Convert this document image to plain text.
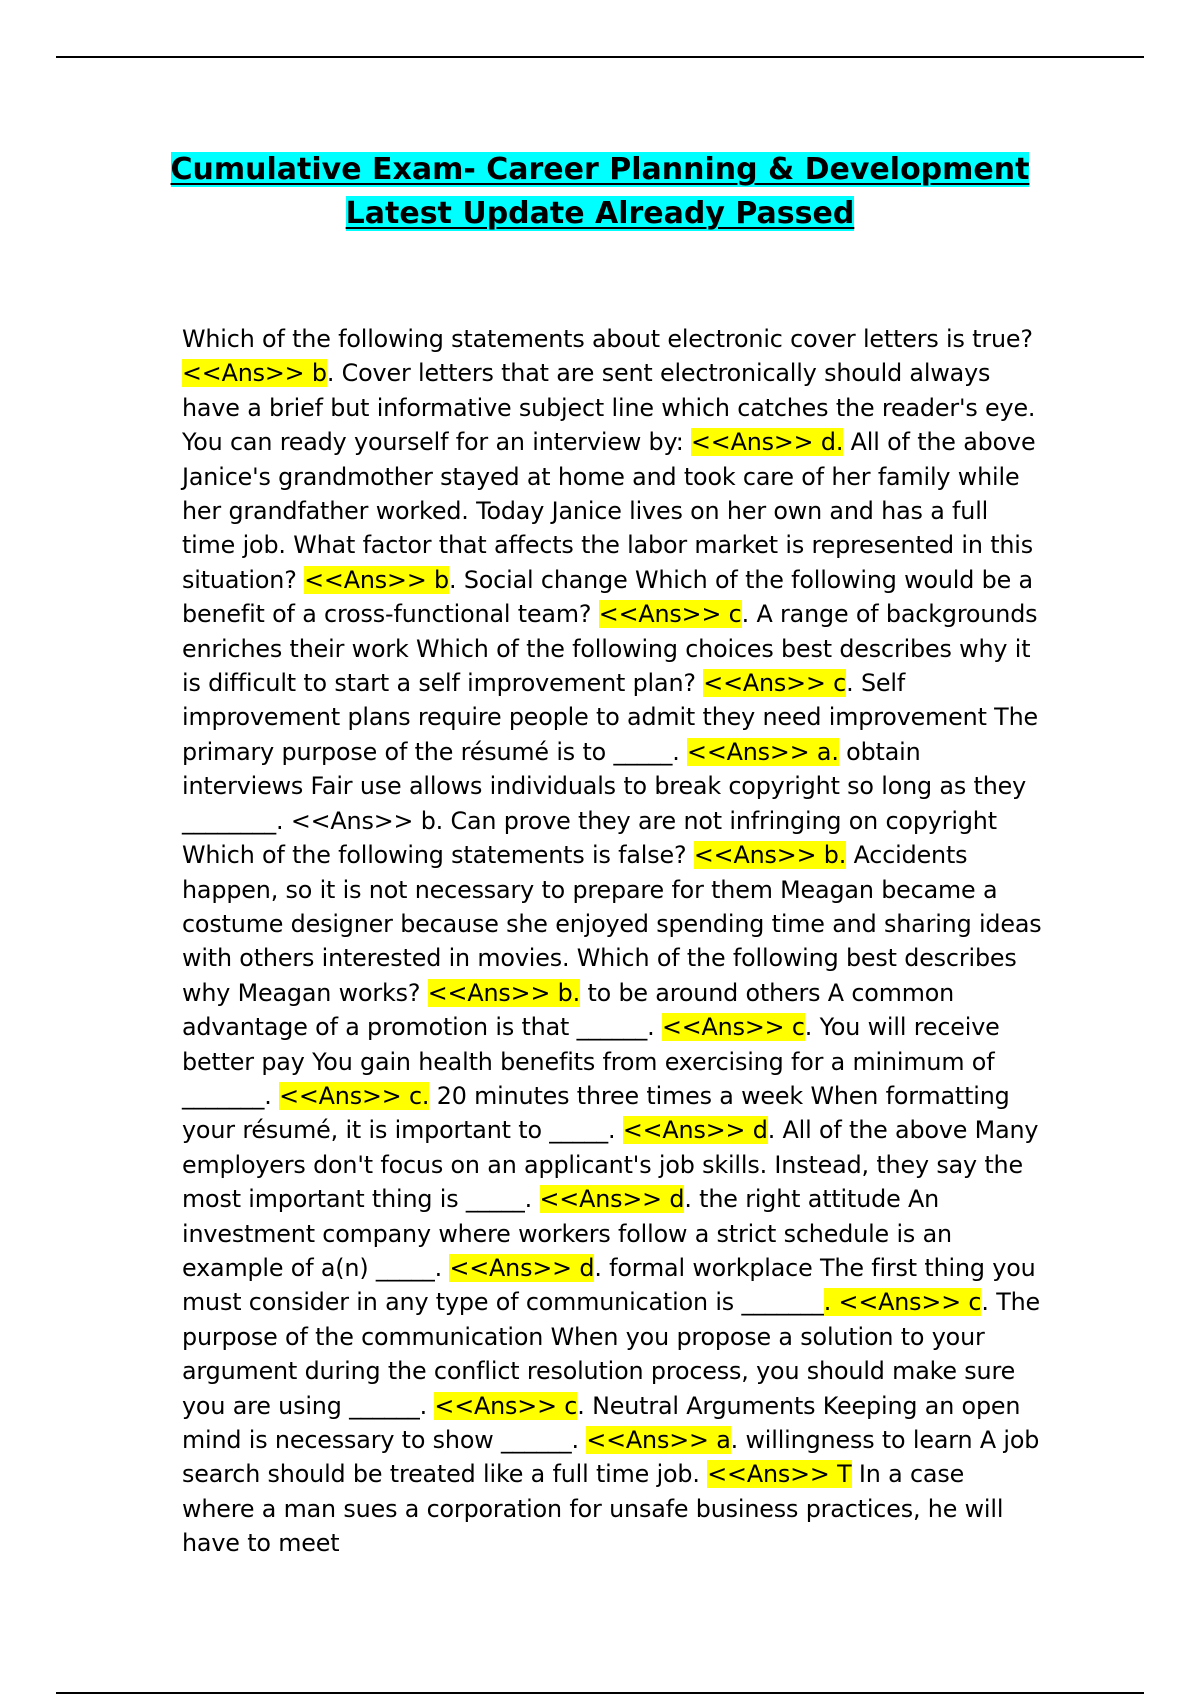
Cumulative Exam- Career Planning & Development
Latest Update Already Passed
Which of the following statements about electronic cover letters is true? <<Ans>> b. Cover letters that are sent electronically should always have a brief but informative subject line which catches the reader's eye. You can ready yourself for an interview by: <<Ans>> d. All of the above Janice's grandmother stayed at home and took care of her family while her grandfather worked. Today Janice lives on her own and has a full time job. What factor that affects the labor market is represented in this situation? <<Ans>> b. Social change Which of the following would be a benefit of a cross-functional team? <<Ans>> c. A range of backgrounds enriches their work Which of the following choices best describes why it is difficult to start a self improvement plan? <<Ans>> c. Self improvement plans require people to admit they need improvement The primary purpose of the résumé is to _____. <<Ans>> a. obtain interviews Fair use allows individuals to break copyright so long as they ________. <<Ans>> b. Can prove they are not infringing on copyright Which of the following statements is false? <<Ans>> b. Accidents happen, so it is not necessary to prepare for them Meagan became a costume designer because she enjoyed spending time and sharing ideas with others interested in movies. Which of the following best describes why Meagan works? <<Ans>> b. to be around others A common advantage of a promotion is that ______. <<Ans>> c. You will receive better pay You gain health benefits from exercising for a minimum of _______. <<Ans>> c. 20 minutes three times a week When formatting your résumé, it is important to _____. <<Ans>> d. All of the above Many employers don't focus on an applicant's job skills. Instead, they say the most important thing is _____. <<Ans>> d. the right attitude An investment company where workers follow a strict schedule is an example of a(n) _____. <<Ans>> d. formal workplace The first thing you must consider in any type of communication is _______. <<Ans>> c. The purpose of the communication When you propose a solution to your argument during the conflict resolution process, you should make sure you are using ______. <<Ans>> c. Neutral Arguments Keeping an open mind is necessary to show ______. <<Ans>> a. willingness to learn A job search should be treated like a full time job. <<Ans>> T In a case where a man sues a corporation for unsafe business practices, he will have to meet
